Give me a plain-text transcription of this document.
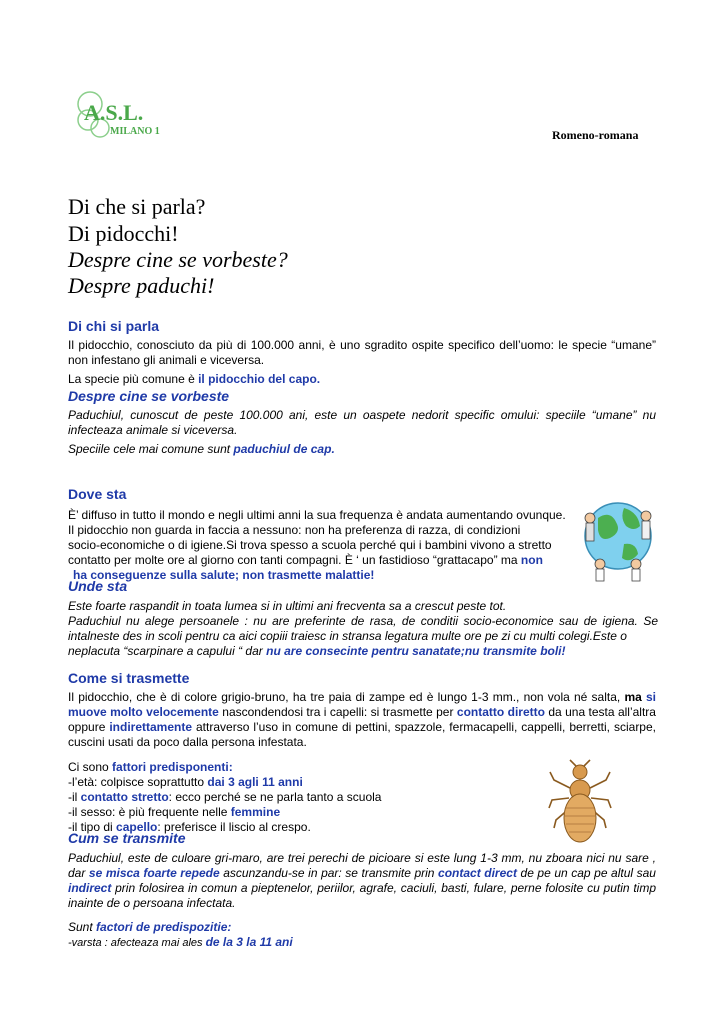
A.S.L.
MILANO 1	Romeno-romana
Di che si parla?
Di pidocchi!
Despre cine se vorbeste?
Despre paduchi!
Di chi si parla
Il pidocchio, conosciuto da più di 100.000 anni, è uno sgradito ospite specifico dell’uomo: le specie “umane” non infestano gli animali e viceversa.
La specie più comune è il pidocchio del capo.
Despre cine se vorbeste
Paduchiul, cunoscut de peste 100.000 ani, este un oaspete nedorit specific omului: speciile “umane” nu infecteaza animale si viceversa.
Speciile cele mai comune sunt paduchiul de cap.
Dove sta
È’ diffuso in tutto il mondo e negli ultimi anni la sua frequenza è andata aumentando ovunque.
Il pidocchio non guarda in faccia a nessuno: non ha preferenza di razza, di condizioni
socio-economiche o di igiene.Si trova spesso a scuola perché qui i bambini vivono a stretto
contatto per molte ore al giorno con tanti compagni. È ‘ un fastidioso “grattacapo” ma non
ha conseguenze sulla salute; non trasmette malattie!
Unde sta
Este foarte raspandit in toata lumea si in ultimi ani frecventa sa a crescut peste tot.
Paduchiul nu alege persoanele : nu are preferinte de rasa, de conditii socio-economice sau de igiena. Se intalneste des in scoli pentru ca aici copiii traiesc in stransa legatura multe ore pe zi cu multi colegi.Este o
neplacuta “scarpinare a capului “ dar nu are consecinte pentru sanatate;nu transmite boli!
Come si trasmette
Il pidocchio, che è di colore grigio-bruno, ha tre paia di zampe ed è lungo 1-3 mm., non vola né salta, ma si muove molto velocemente nascondendosi tra i capelli: si trasmette per contatto diretto da una testa all’altra oppure indirettamente attraverso l’uso in comune di pettini, spazzole, fermacapelli, cappelli, berretti, sciarpe, cuscini usati da poco dalla persona infestata.
Ci sono fattori predisponenti:
-l’età: colpisce soprattutto dai 3 agli 11 anni
-il contatto stretto: ecco perché se ne parla tanto a scuola
-il sesso: è più frequente nelle femmine
-il tipo di capello: preferisce il liscio al crespo.
Cum se transmite
Paduchiul, este de culoare gri-maro, are trei perechi de picioare si este lung 1-3 mm, nu zboara nici nu sare , dar se misca foarte repede ascunzandu-se in par: se transmite prin contact direct de pe un cap pe altul sau indirect prin folosirea in comun a pieptenelor, periilor, agrafe, caciuli, basti, fulare, perne folosite cu putin timp inainte de o persoana infectata.
Sunt factori de predispozitie:
-varsta : afecteaza mai ales de la 3 la 11 ani
